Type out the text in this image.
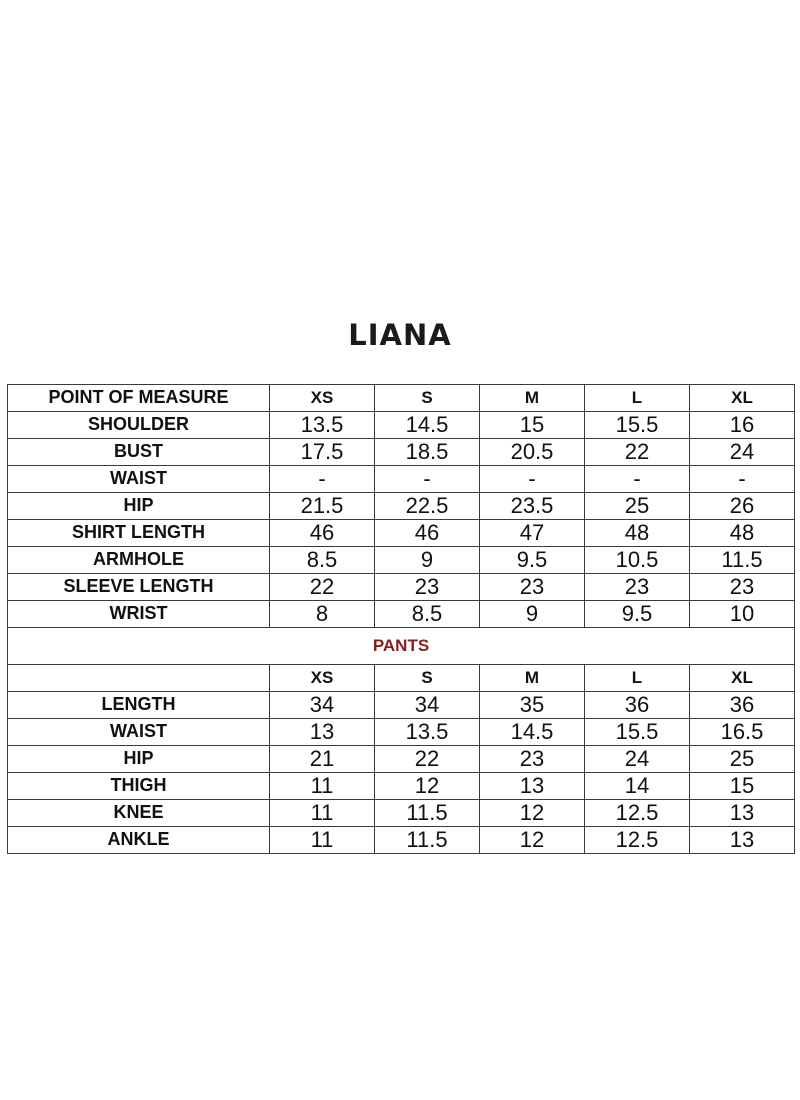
LIANA
POINT OF MEASURE	XS	S	M	L	XL
SHOULDER	13.5	14.5	15	15.5	16
BUST	17.5	18.5	20.5	22	24
WAIST	-	-	-	-	-
HIP	21.5	22.5	23.5	25	26
SHIRT LENGTH	46	46	47	48	48
ARMHOLE	8.5	9	9.5	10.5	11.5
SLEEVE LENGTH	22	23	23	23	23
WRIST	8	8.5	9	9.5	10
PANTS					
	XS	S	M	L	XL
LENGTH	34	34	35	36	36
WAIST	13	13.5	14.5	15.5	16.5
HIP	21	22	23	24	25
THIGH	11	12	13	14	15
KNEE	11	11.5	12	12.5	13
ANKLE	11	11.5	12	12.5	13
